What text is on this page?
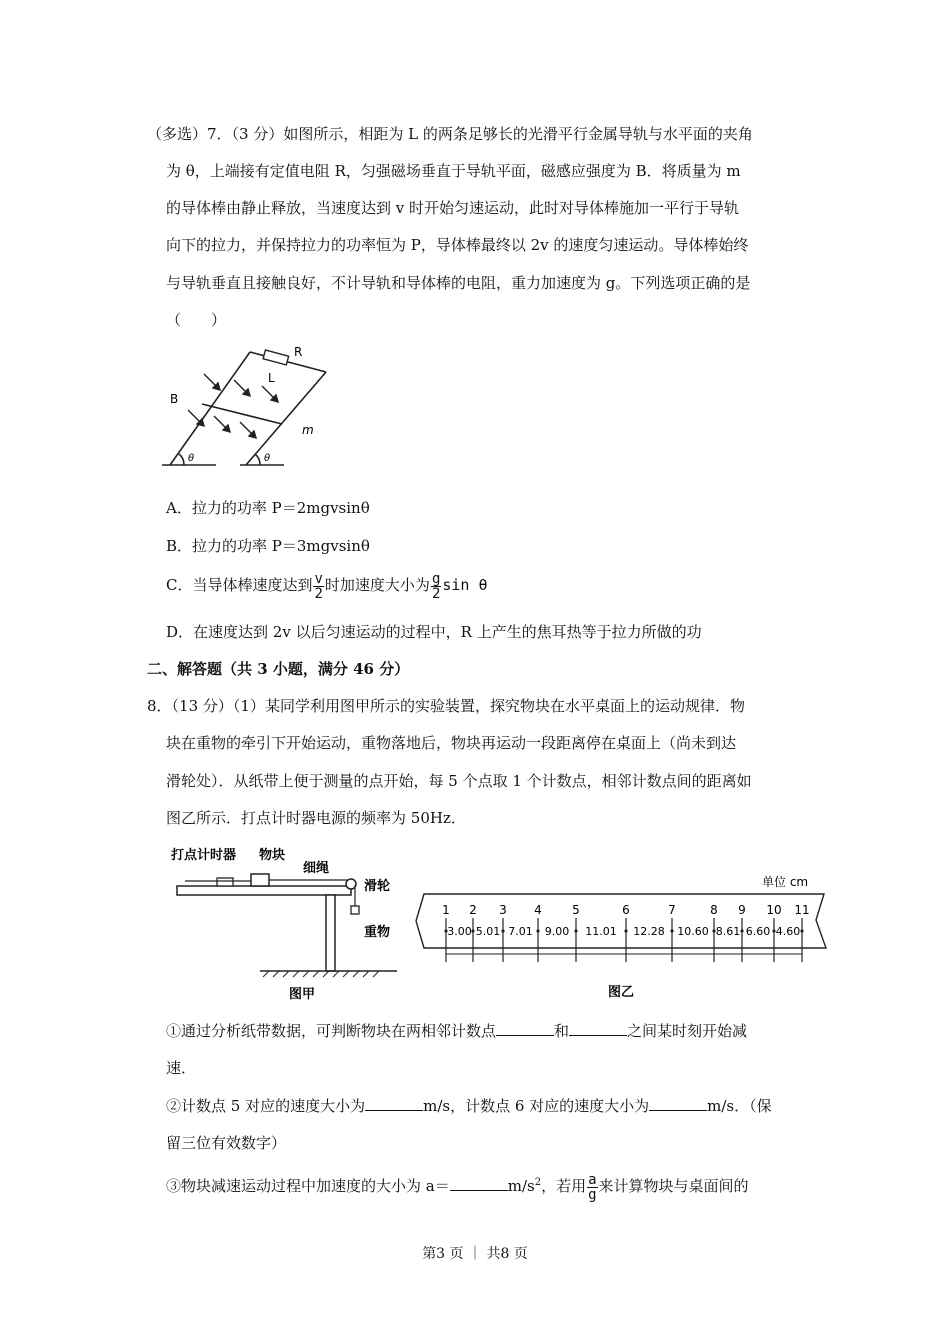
（多选）7．（3 分）如图所示，相距为 L 的两条足够长的光滑平行金属导轨与水平面的夹角
为 θ，上端接有定值电阻 R，匀强磁场垂直于导轨平面，磁感应强度为 B．将质量为 m
的导体棒由静止释放，当速度达到 v 时开始匀速运动，此时对导体棒施加一平行于导轨
向下的拉力，并保持拉力的功率恒为 P，导体棒最终以 2v 的速度匀速运动。导体棒始终
与导轨垂直且接触良好，不计导轨和导体棒的电阻，重力加速度为 g。下列选项正确的是
（　　）
R
L
B
m
θ	θ
A．拉力的功率 P＝2mgvsinθ
B．拉力的功率 P＝3mgvsinθ
C．当导体棒速度达到 $\frac{v}{2}$ 时加速度大小为 $\frac{g}{2}$ sin θ
D．在速度达到 2v 以后匀速运动的过程中，R 上产生的焦耳热等于拉力所做的功
二、解答题（共 3 小题，满分 46 分）
8．（13 分）（1）某同学利用图甲所示的实验装置，探究物块在水平桌面上的运动规律．物
块在重物的牵引下开始运动，重物落地后，物块再运动一段距离停在桌面上（尚未到达
滑轮处）．从纸带上便于测量的点开始，每 5 个点取 1 个计数点，相邻计数点间的距离如
图乙所示．打点计时器电源的频率为 50Hz．
打点计时器 物块
细绳
滑轮
重物
图甲
单位 cm
1 2 3 4	5	6	7	8 9 10 11
3.00 5.01 7.01 9.00 11.01 12.28 10.60 8.61 6.60 4.60
图乙
①通过分析纸带数据，可判断物块在两相邻计数点	和	之间某时刻开始减
速．
②计数点 5 对应的速度大小为	m/s，计数点 6 对应的速度大小为	m/s．（保
留三位有效数字）
③物块减速运动过程中加速度的大小为 a＝	$m/s^2$，若用 $\frac{a}{g}$ 来计算物块与桌面间的
第3 页 ｜ 共8 页
